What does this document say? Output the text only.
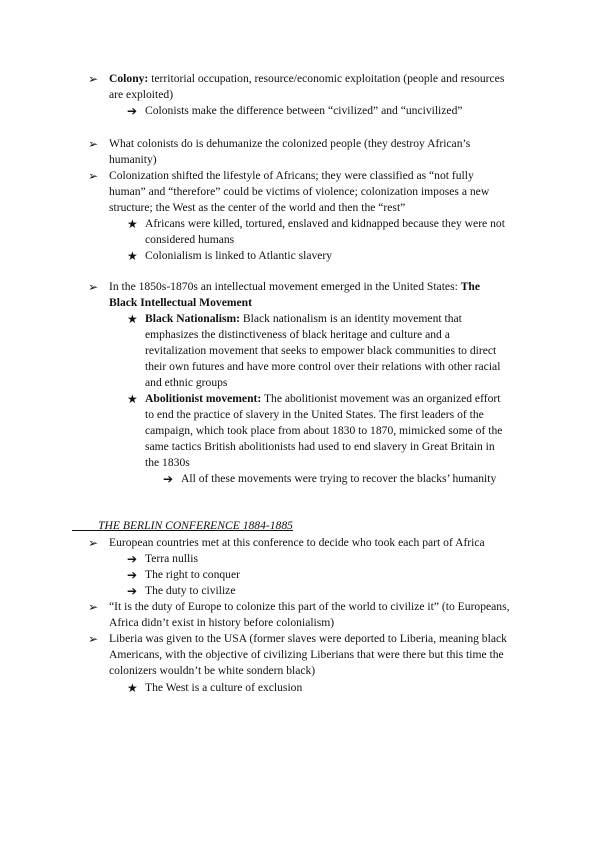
➢ Colony: territorial occupation, resource/economic exploitation (people and resources
are exploited)
➔ Colonists make the difference between “civilized” and “uncivilized”
➢ What colonists do is dehumanize the colonized people (they destroy African’s
humanity)
➢ Colonization shifted the lifestyle of Africans; they were classified as “not fully
human” and “therefore” could be victims of violence; colonization imposes a new
structure; the West as the center of the world and then the “rest”
★ Africans were killed, tortured, enslaved and kidnapped because they were not
considered humans
★ Colonialism is linked to Atlantic slavery
➢ In the 1850s-1870s an intellectual movement emerged in the United States: The
Black Intellectual Movement
★ Black Nationalism: Black nationalism is an identity movement that
emphasizes the distinctiveness of black heritage and culture and a
revitalization movement that seeks to empower black communities to direct
their own futures and have more control over their relations with other racial
and ethnic groups
★ Abolitionist movement: The abolitionist movement was an organized effort
to end the practice of slavery in the United States. The first leaders of the
campaign, which took place from about 1830 to 1870, mimicked some of the
same tactics British abolitionists had used to end slavery in Great Britain in
the 1830s
➔ All of these movements were trying to recover the blacks’ humanity
THE BERLIN CONFERENCE 1884-1885
➢ European countries met at this conference to decide who took each part of Africa
➔ Terra nullis
➔ The right to conquer
➔ The duty to civilize
➢ “It is the duty of Europe to colonize this part of the world to civilize it” (to Europeans,
Africa didn’t exist in history before colonialism)
➢ Liberia was given to the USA (former slaves were deported to Liberia, meaning black
Americans, with the objective of civilizing Liberians that were there but this time the
colonizers wouldn’t be white sondern black)
★ The West is a culture of exclusion
